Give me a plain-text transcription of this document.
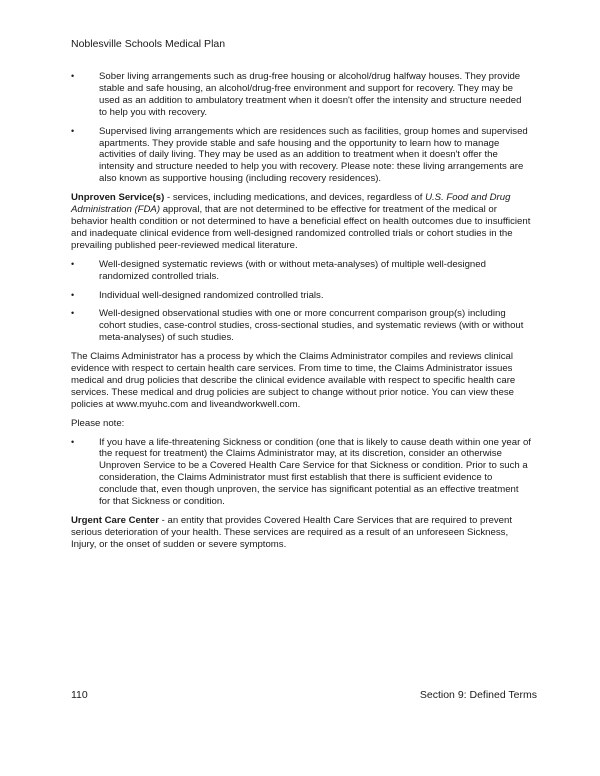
Noblesville Schools Medical Plan
•	Sober living arrangements such as drug-free housing or alcohol/drug halfway houses. They provide stable and safe housing, an alcohol/drug-free environment and support for recovery. They may be used as an addition to ambulatory treatment when it doesn't offer the intensity and structure needed to help you with recovery.
•	Supervised living arrangements which are residences such as facilities, group homes and supervised apartments. They provide stable and safe housing and the opportunity to learn how to manage activities of daily living. They may be used as an addition to treatment when it doesn't offer the intensity and structure needed to help you with recovery. Please note: these living arrangements are also known as supportive housing (including recovery residences).

Unproven Service(s) - services, including medications, and devices, regardless of U.S. Food and Drug Administration (FDA) approval, that are not determined to be effective for treatment of the medical or behavior health condition or not determined to have a beneficial effect on health outcomes due to insufficient and inadequate clinical evidence from well-designed randomized controlled trials or cohort studies in the prevailing published peer-reviewed medical literature.

•	Well-designed systematic reviews (with or without meta-analyses) of multiple well-designed randomized controlled trials.
•	Individual well-designed randomized controlled trials.
•	Well-designed observational studies with one or more concurrent comparison group(s) including cohort studies, case-control studies, cross-sectional studies, and systematic reviews (with or without meta-analyses) of such studies.

The Claims Administrator has a process by which the Claims Administrator compiles and reviews clinical evidence with respect to certain health care services. From time to time, the Claims Administrator issues medical and drug policies that describe the clinical evidence available with respect to specific health care services. These medical and drug policies are subject to change without prior notice. You can view these policies at www.myuhc.com and liveandworkwell.com.

Please note:

•	If you have a life-threatening Sickness or condition (one that is likely to cause death within one year of the request for treatment) the Claims Administrator may, at its discretion, consider an otherwise Unproven Service to be a Covered Health Care Service for that Sickness or condition. Prior to such a consideration, the Claims Administrator must first establish that there is sufficient evidence to conclude that, even though unproven, the service has significant potential as an effective treatment for that Sickness or condition.

Urgent Care Center - an entity that provides Covered Health Care Services that are required to prevent serious deterioration of your health. These services are required as a result of an unforeseen Sickness, Injury, or the onset of sudden or severe symptoms.

110	Section 9: Defined Terms
